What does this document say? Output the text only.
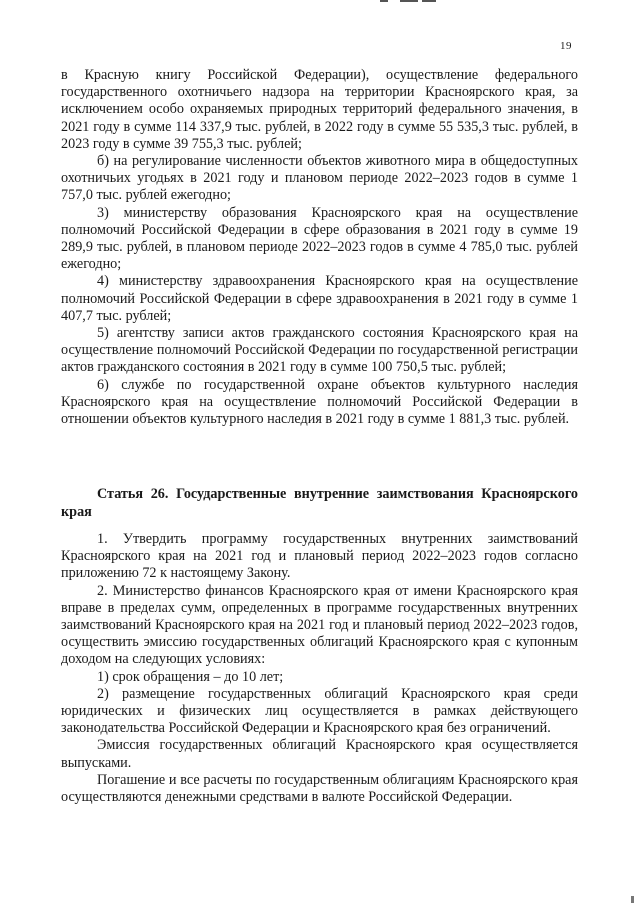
19

в Красную книгу Российской Федерации), осуществление федерального государственного охотничьего надзора на территории Красноярского края, за исключением особо охраняемых природных территорий федерального значения, в 2021 году в сумме 114 337,9 тыс. рублей, в 2022 году в сумме 55 535,3 тыс. рублей, в 2023 году в сумме 39 755,3 тыс. рублей;

б) на регулирование численности объектов животного мира в общедоступных охотничьих угодьях в 2021 году и плановом периоде 2022–2023 годов в сумме 1 757,0 тыс. рублей ежегодно;

3) министерству образования Красноярского края на осуществление полномочий Российской Федерации в сфере образования в 2021 году в сумме 19 289,9 тыс. рублей, в плановом периоде 2022–2023 годов в сумме 4 785,0 тыс. рублей ежегодно;

4) министерству здравоохранения Красноярского края на осуществление полномочий Российской Федерации в сфере здравоохранения в 2021 году в сумме 1 407,7 тыс. рублей;

5) агентству записи актов гражданского состояния Красноярского края на осуществление полномочий Российской Федерации по государственной регистрации актов гражданского состояния в 2021 году в сумме 100 750,5 тыс. рублей;

6) службе по государственной охране объектов культурного наследия Красноярского края на осуществление полномочий Российской Федерации в отношении объектов культурного наследия в 2021 году в сумме 1 881,3 тыс. рублей.

Статья 26. Государственные внутренние заимствования Красноярского края

1. Утвердить программу государственных внутренних заимствований Красноярского края на 2021 год и плановый период 2022–2023 годов согласно приложению 72 к настоящему Закону.

2. Министерство финансов Красноярского края от имени Красноярского края вправе в пределах сумм, определенных в программе государственных внутренних заимствований Красноярского края на 2021 год и плановый период 2022–2023 годов, осуществить эмиссию государственных облигаций Красноярского края с купонным доходом на следующих условиях:

1) срок обращения – до 10 лет;

2) размещение государственных облигаций Красноярского края среди юридических и физических лиц осуществляется в рамках действующего законодательства Российской Федерации и Красноярского края без ограничений.

Эмиссия государственных облигаций Красноярского края осуществляется выпусками.

Погашение и все расчеты по государственным облигациям Красноярского края осуществляются денежными средствами в валюте Российской Федерации.
